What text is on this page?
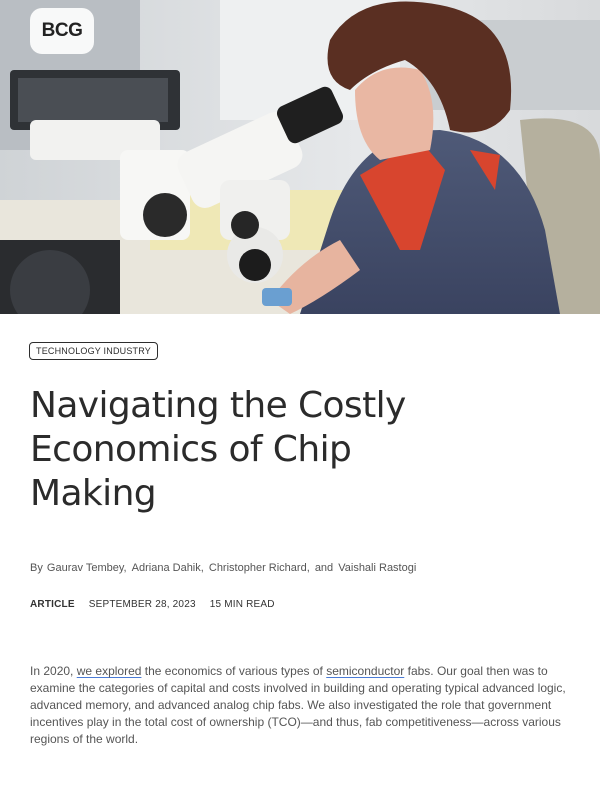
BCG
TECHNOLOGY INDUSTRY
Navigating the Costly
Economics of Chip
Making
By Gaurav Tembey, Adriana Dahik, Christopher Richard, and Vaishali Rastogi
ARTICLE SEPTEMBER 28, 2023 15 MIN READ

In 2020, we explored the economics of various types of semiconductor fabs. Our goal then was to examine the categories of capital and costs involved in building and operating typical advanced logic, advanced memory, and advanced analog chip fabs. We also investigated the role that government incentives play in the total cost of ownership (TCO)—and thus, fab competitiveness—across various regions of the world.
